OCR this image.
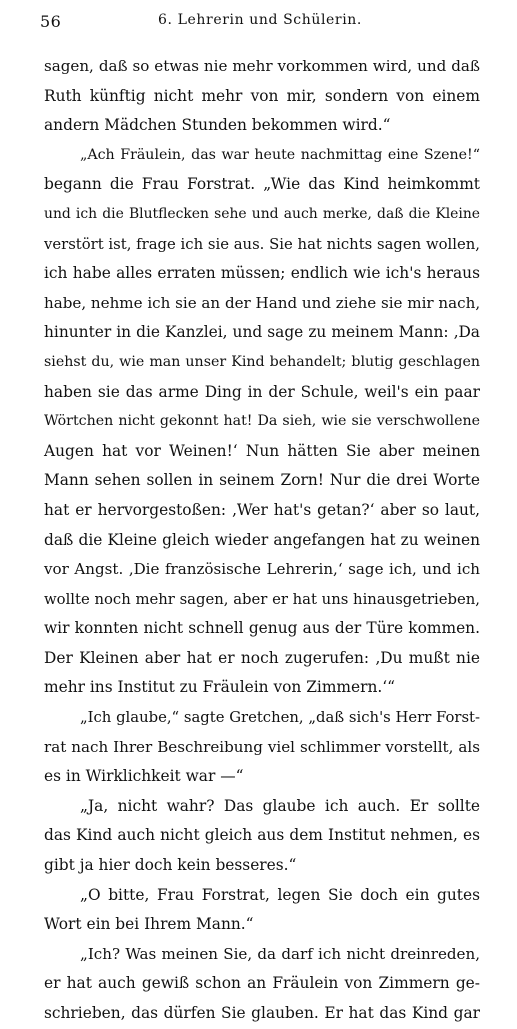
56	6. Lehrerin und Schülerin.
sagen, daß so etwas nie mehr vorkommen wird, und daß
Ruth künftig nicht mehr von mir, sondern von einem
andern Mädchen Stunden bekommen wird.“
„Ach Fräulein, das war heute nachmittag eine Szene!“
begann die Frau Forstrat. „Wie das Kind heimkommt
und ich die Blutflecken sehe und auch merke, daß die Kleine
verstört ist, frage ich sie aus. Sie hat nichts sagen wollen,
ich habe alles erraten müssen; endlich wie ich's heraus
habe, nehme ich sie an der Hand und ziehe sie mir nach,
hinunter in die Kanzlei, und sage zu meinem Mann: ‚Da
siehst du, wie man unser Kind behandelt; blutig geschlagen
haben sie das arme Ding in der Schule, weil's ein paar
Wörtchen nicht gekonnt hat! Da sieh, wie sie verschwollene
Augen hat vor Weinen!‘ Nun hätten Sie aber meinen
Mann sehen sollen in seinem Zorn! Nur die drei Worte
hat er hervorgestoßen: ‚Wer hat's getan?‘ aber so laut,
daß die Kleine gleich wieder angefangen hat zu weinen
vor Angst. ‚Die französische Lehrerin,‘ sage ich, und ich
wollte noch mehr sagen, aber er hat uns hinausgetrieben,
wir konnten nicht schnell genug aus der Türe kommen.
Der Kleinen aber hat er noch zugerufen: ‚Du mußt nie
mehr ins Institut zu Fräulein von Zimmern.‘“
„Ich glaube,“ sagte Gretchen, „daß sich's Herr Forst-
rat nach Ihrer Beschreibung viel schlimmer vorstellt, als
es in Wirklichkeit war —“
„Ja, nicht wahr? Das glaube ich auch. Er sollte
das Kind auch nicht gleich aus dem Institut nehmen, es
gibt ja hier doch kein besseres.“
„O bitte, Frau Forstrat, legen Sie doch ein gutes
Wort ein bei Ihrem Mann.“
„Ich? Was meinen Sie, da darf ich nicht dreinreden,
er hat auch gewiß schon an Fräulein von Zimmern ge-
schrieben, das dürfen Sie glauben. Er hat das Kind gar
